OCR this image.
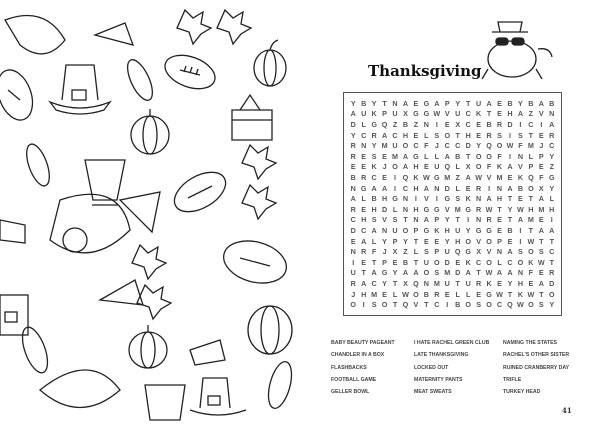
Thanksgiving
Y B Y T N A E G A P Y T U A E B Y B A B
A U K P U X G G W V U C K T E H A Z V N
D L G Q Z B Z N I E X C E B R D I C I A
Y C R A C H E L S O T H E R S I S T E R
R N Y M U O C F J C C D Y Q O W F M J C
R E S E M A G L L A B T O O F	I N L P Y
E E K J O A H E U Q L X O F K A V P E Z
B R C E I Q K W G M Z A W V M E K Q F G
N G A A I C H A N D L E R I N A B O X Y
A L B H G N I V I G S K N A H T E T A L
R E H D L N H G G V M G R W T Y W H M H
C H S V S T N A P Y T	I N R E T A M E I
D C A N U O P G K H U Y G G E B I	T A A
E A L Y P Y T E E Y H O V O P E I W T T
N R F J X Z L S P U Q G X V N A S O S C
I E T P E B T U O D E K C O L C O K W T
U T A G Y A A O S M D A T W A A N F E R
R A C Y T X Q N M U T U R K E Y H E A D
J H M E L W O B R E L L E G W T K W T O
O I S O T Q V T C I B O S O C Q W O S Y
BABY BEAUTY PAGEANT
CHANDLER IN A BOX
FLASHBACKS
FOOTBALL GAME
GELLER BOWL
I HATE RACHEL GREEN CLUB
LATE THANKSGIVING
LOCKED OUT
MATERNITY PANTS
MEAT SWEATS
NAMING THE STATES
RACHEL'S OTHER SISTER
RUINED CRANBERRY DAY
TRIFLE
TURKEY HEAD
41
